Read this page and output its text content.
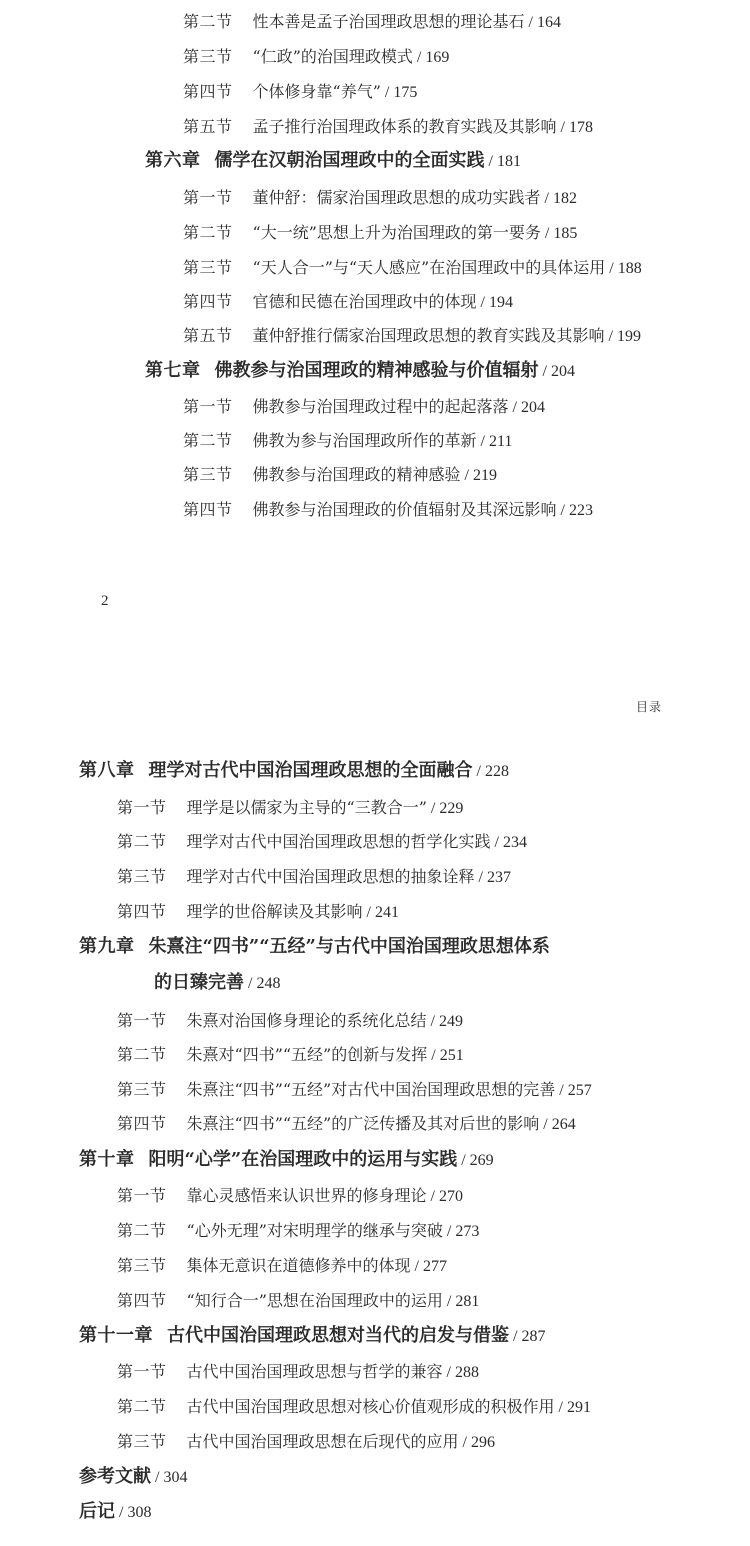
第二节 性本善是孟子治国理政思想的理论基石 / 164
第三节 “仁政”的治国理政模式 / 169
第四节 个体修身靠“养气” / 175
第五节 孟子推行治国理政体系的教育实践及其影响 / 178
第六章 儒学在汉朝治国理政中的全面实践 / 181
第一节 董仲舒：儒家治国理政思想的成功实践者 / 182
第二节 “大一统”思想上升为治国理政的第一要务 / 185
第三节 “天人合一”与“天人感应”在治国理政中的具体运用 / 188
第四节 官德和民德在治国理政中的体现 / 194
第五节 董仲舒推行儒家治国理政思想的教育实践及其影响 / 199
第七章 佛教参与治国理政的精神感验与价值辐射 / 204
第一节 佛教参与治国理政过程中的起起落落 / 204
第二节 佛教为参与治国理政所作的革新 / 211
第三节 佛教参与治国理政的精神感验 / 219
第四节 佛教参与治国理政的价值辐射及其深远影响 / 223
2
目录
第八章 理学对古代中国治国理政思想的全面融合 / 228
第一节 理学是以儒家为主导的“三教合一” / 229
第二节 理学对古代中国治国理政思想的哲学化实践 / 234
第三节 理学对古代中国治国理政思想的抽象诠释 / 237
第四节 理学的世俗解读及其影响 / 241
第九章 朱熹注“四书”“五经”与古代中国治国理政思想体系
的日臻完善 / 248
第一节 朱熹对治国修身理论的系统化总结 / 249
第二节 朱熹对“四书”“五经”的创新与发挥 / 251
第三节 朱熹注“四书”“五经”对古代中国治国理政思想的完善 / 257
第四节 朱熹注“四书”“五经”的广泛传播及其对后世的影响 / 264
第十章 阳明“心学”在治国理政中的运用与实践 / 269
第一节 靠心灵感悟来认识世界的修身理论 / 270
第二节 “心外无理”对宋明理学的继承与突破 / 273
第三节 集体无意识在道德修养中的体现 / 277
第四节 “知行合一”思想在治国理政中的运用 / 281
第十一章 古代中国治国理政思想对当代的启发与借鉴 / 287
第一节 古代中国治国理政思想与哲学的兼容 / 288
第二节 古代中国治国理政思想对核心价值观形成的积极作用 / 291
第三节 古代中国治国理政思想在后现代的应用 / 296
参考文献 / 304
后记 / 308
